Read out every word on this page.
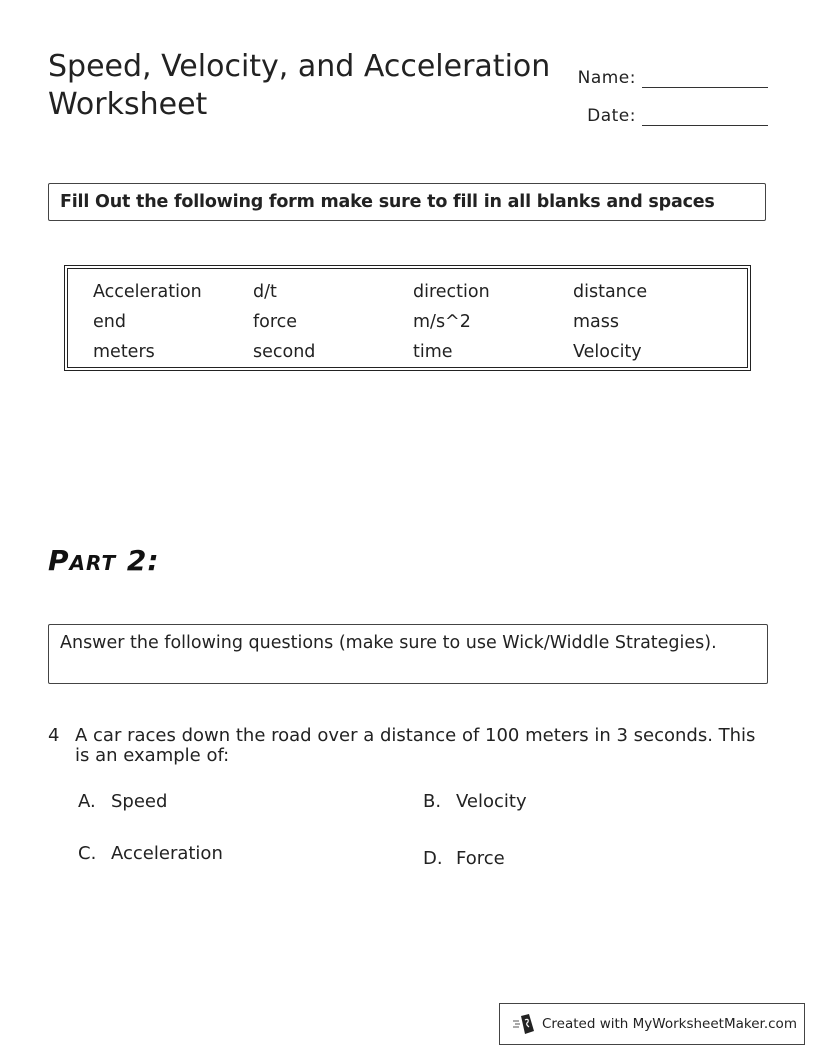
Speed, Velocity, and Acceleration Worksheet
Name:
Date:
Fill Out the following form make sure to fill in all blanks and spaces
Acceleration	d/t	direction	distance
end	force	m/s^2	mass
meters	second	time	Velocity
Part 2:
Answer the following questions (make sure to use Wick/Widdle Strategies).
4 A car races down the road over a distance of 100 meters in 3 seconds. This is an example of:
A. Speed	B. Velocity
C. Acceleration	D. Force
Created with MyWorksheetMaker.com
